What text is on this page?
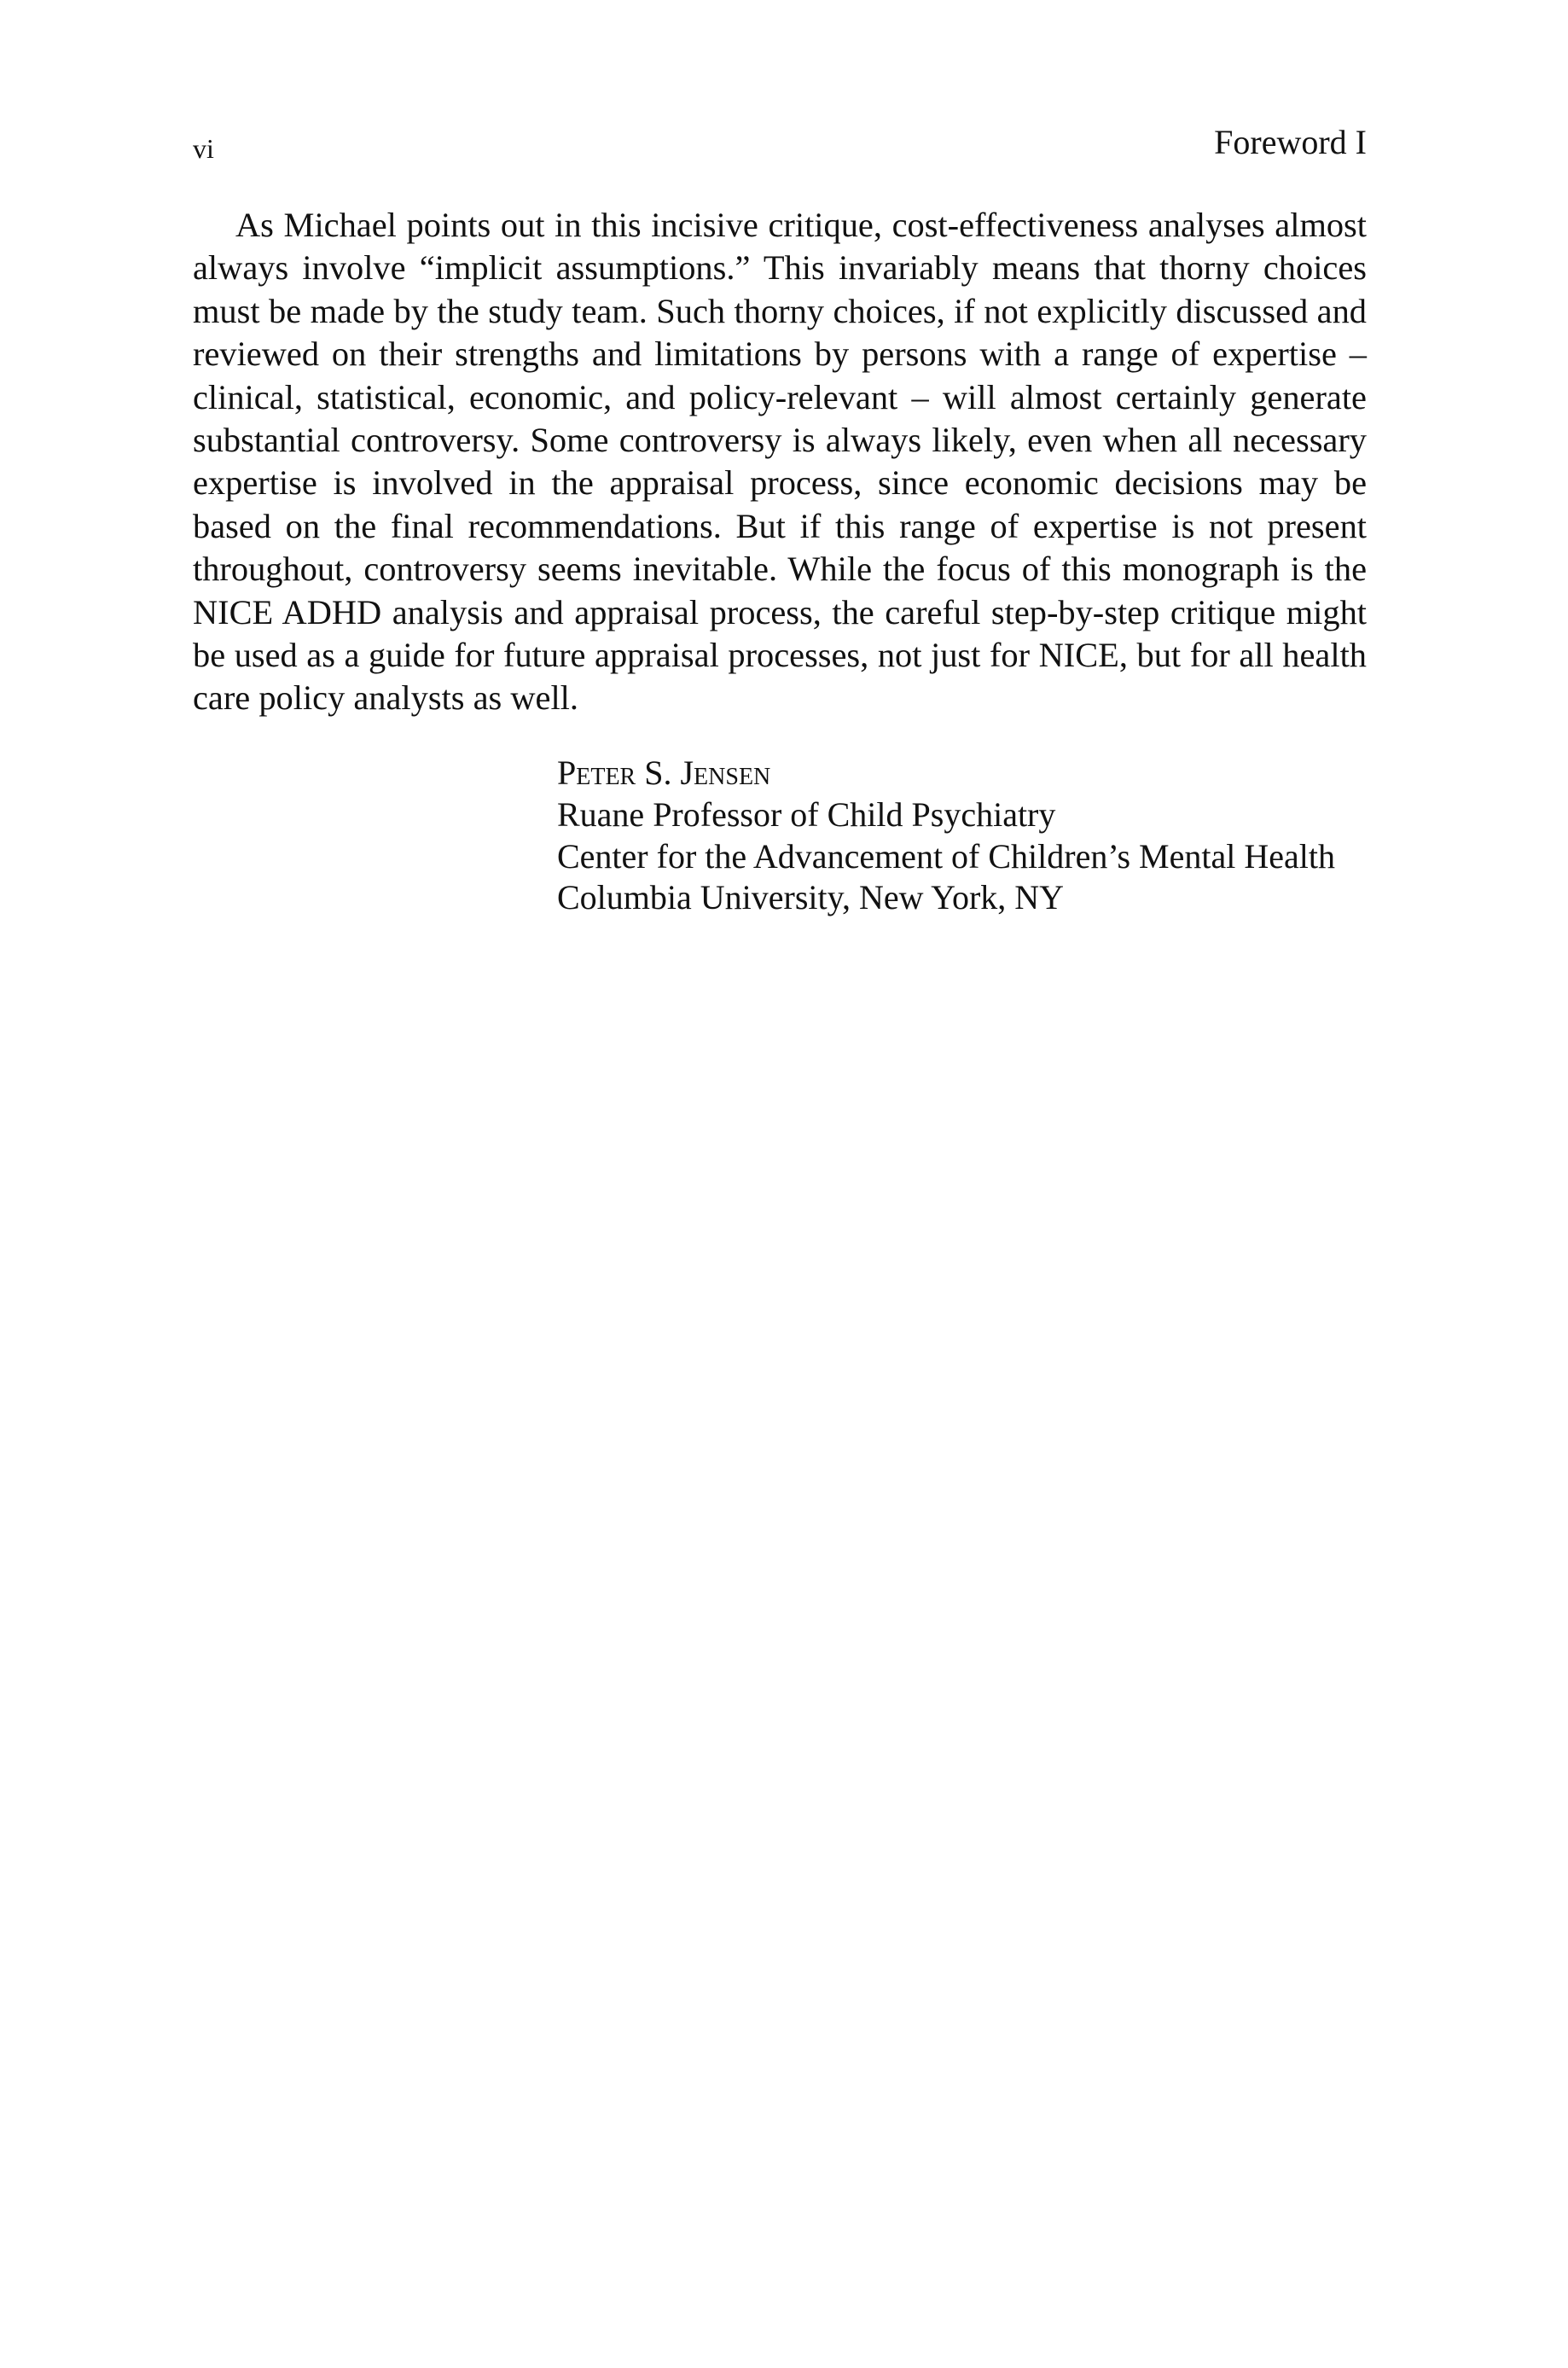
vi	Foreword I

As Michael points out in this incisive critique, cost-effectiveness analyses almost always involve “implicit assumptions.” This invariably means that thorny choices must be made by the study team. Such thorny choices, if not explicitly discussed and reviewed on their strengths and limitations by persons with a range of expertise – clinical, statistical, economic, and policy-relevant – will almost certainly generate substantial controversy. Some controversy is always likely, even when all necessary expertise is involved in the appraisal process, since economic decisions may be based on the final recommendations. But if this range of expertise is not present throughout, controversy seems inevitable. While the focus of this monograph is the NICE ADHD analysis and appraisal process, the careful step-by-step critique might be used as a guide for future appraisal processes, not just for NICE, but for all health care policy analysts as well.

Peter S. Jensen
Ruane Professor of Child Psychiatry
Center for the Advancement of Children’s Mental Health
Columbia University, New York, NY
